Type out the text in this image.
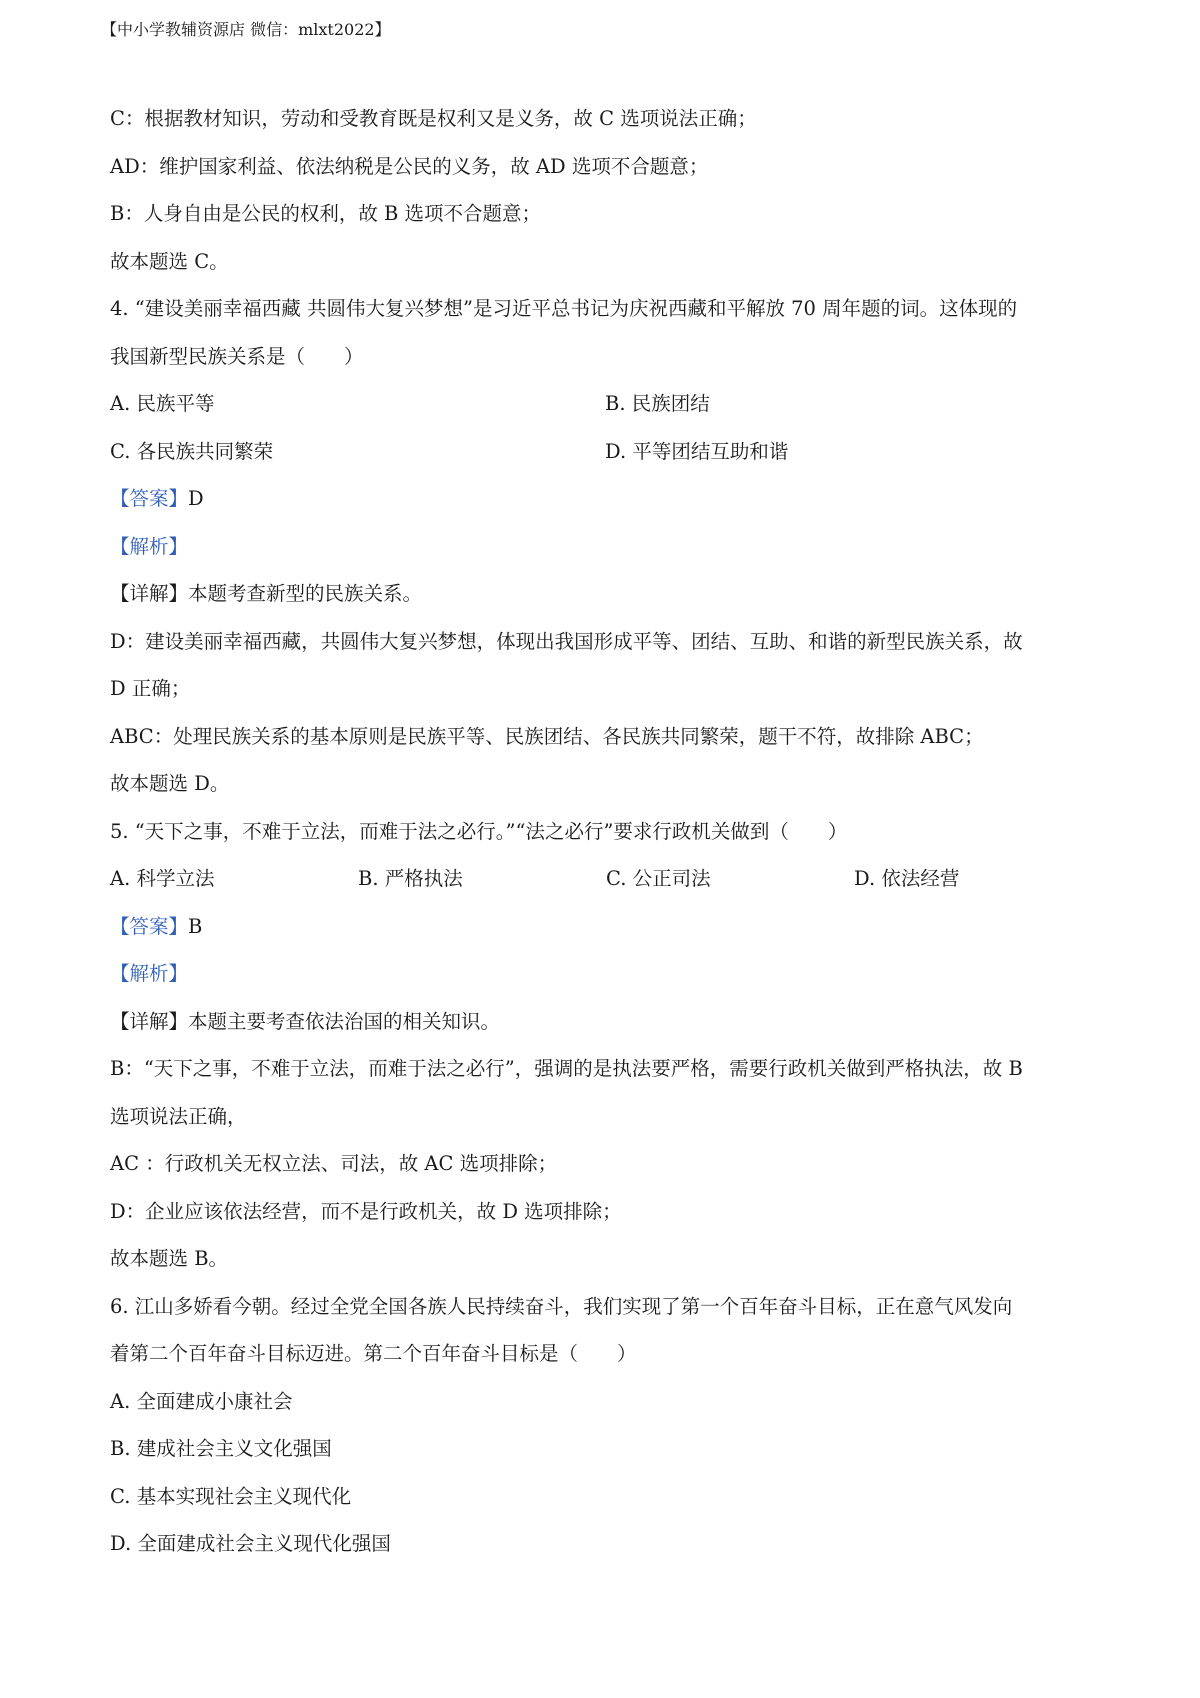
【中小学教辅资源店 微信：mlxt2022】

C：根据教材知识，劳动和受教育既是权利又是义务，故 C 选项说法正确；

AD：维护国家利益、依法纳税是公民的义务，故 AD 选项不合题意；

B：人身自由是公民的权利，故 B 选项不合题意；

故本题选 C。

4. “建设美丽幸福西藏 共圆伟大复兴梦想”是习近平总书记为庆祝西藏和平解放 70 周年题的词。这体现的

我国新型民族关系是（　　）

A. 民族平等	B. 民族团结
C. 各民族共同繁荣	D. 平等团结互助和谐

【答案】D

【解析】

【详解】本题考查新型的民族关系。

D：建设美丽幸福西藏，共圆伟大复兴梦想，体现出我国形成平等、团结、互助、和谐的新型民族关系，故

D 正确；

ABC：处理民族关系的基本原则是民族平等、民族团结、各民族共同繁荣，题干不符，故排除 ABC；

故本题选 D。

5. “天下之事，不难于立法，而难于法之必行。”“法之必行”要求行政机关做到（　　）

A. 科学立法	B. 严格执法	C. 公正司法	D. 依法经营

【答案】B

【解析】

【详解】本题主要考查依法治国的相关知识。

B：“天下之事，不难于立法，而难于法之必行”，强调的是执法要严格，需要行政机关做到严格执法，故 B

选项说法正确，

AC ：行政机关无权立法、司法，故 AC 选项排除；

D：企业应该依法经营，而不是行政机关，故 D 选项排除；

故本题选 B。

6. 江山多娇看今朝。经过全党全国各族人民持续奋斗，我们实现了第一个百年奋斗目标，正在意气风发向

着第二个百年奋斗目标迈进。第二个百年奋斗目标是（　　）

A. 全面建成小康社会

B. 建成社会主义文化强国

C. 基本实现社会主义现代化

D. 全面建成社会主义现代化强国
